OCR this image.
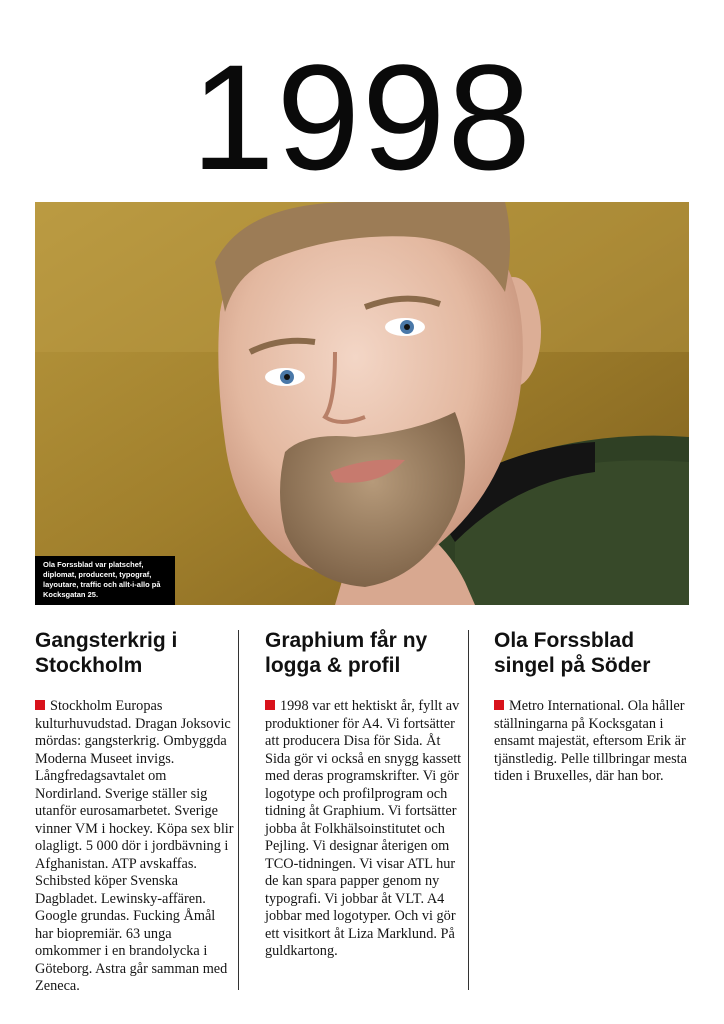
1998
Ola Forssblad var platschef, diplomat, producent, typograf, layoutare, traffic och allt-i-allo på Kocksgatan 25.
Gangsterkrig i Stockholm

Stockholm Europas kulturhuvudstad. Dragan Joksovic mördas: gangsterkrig. Ombyggda Moderna Museet invigs. Långfredagsavtalet om Nordirland. Sverige ställer sig utanför eurosamarbetet. Sverige vinner VM i hockey. Köpa sex blir olagligt. 5 000 dör i jordbävning i Afghanistan. ATP avskaffas. Schibsted köper Svenska Dagbladet. Lewinsky-affären. Google grundas. Fucking Åmål har biopremiär. 63 unga omkommer i en brandolycka i Göteborg. Astra går samman med Zeneca.

Graphium får ny logga & profil

1998 var ett hektiskt år, fyllt av produktioner för A4. Vi fortsätter att producera Disa för Sida. Åt Sida gör vi också en snygg kassett med deras programskrifter. Vi gör logotype och profilprogram och tidning åt Graphium. Vi fortsätter jobba åt Folkhälsoinstitutet och Pejling. Vi designar återigen om TCO-tidningen. Vi visar ATL hur de kan spara papper genom ny typografi. Vi jobbar åt VLT. A4 jobbar med logotyper. Och vi gör ett visitkort åt Liza Marklund. På guldkartong.

Ola Forssblad singel på Söder

Metro International. Ola håller ställningarna på Kocksgatan i ensamt majestät, eftersom Erik är tjänstledig. Pelle tillbringar mesta tiden i Bruxelles, där han bor.
